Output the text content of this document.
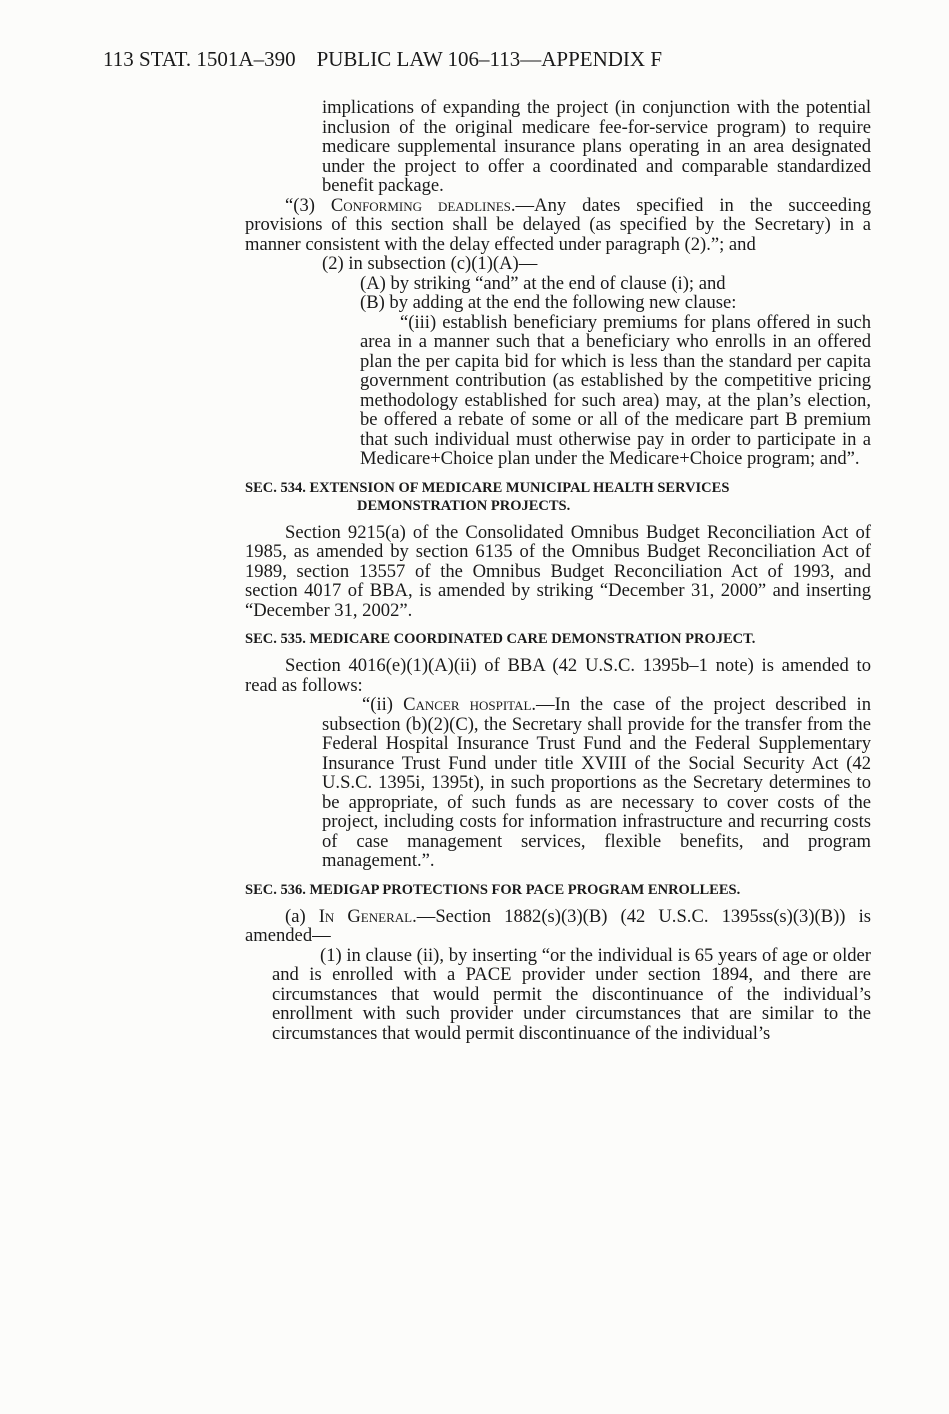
113 STAT. 1501A–390 PUBLIC LAW 106–113—APPENDIX F

implications of expanding the project (in conjunction with the potential inclusion of the original medicare fee-for-service program) to require medicare supplemental insurance plans operating in an area designated under the project to offer a coordinated and comparable standardized benefit package.

“(3) Conforming deadlines.—Any dates specified in the succeeding provisions of this section shall be delayed (as specified by the Secretary) in a manner consistent with the delay effected under paragraph (2).”; and

(2) in subsection (c)(1)(A)—

(A) by striking “and” at the end of clause (i); and

(B) by adding at the end the following new clause:

“(iii) establish beneficiary premiums for plans offered in such area in a manner such that a beneficiary who enrolls in an offered plan the per capita bid for which is less than the standard per capita government contribution (as established by the competitive pricing methodology established for such area) may, at the plan’s election, be offered a rebate of some or all of the medicare part B premium that such individual must otherwise pay in order to participate in a Medicare+Choice plan under the Medicare+Choice program; and”.

SEC. 534. EXTENSION OF MEDICARE MUNICIPAL HEALTH SERVICES
DEMONSTRATION PROJECTS.

Section 9215(a) of the Consolidated Omnibus Budget Reconciliation Act of 1985, as amended by section 6135 of the Omnibus Budget Reconciliation Act of 1989, section 13557 of the Omnibus Budget Reconciliation Act of 1993, and section 4017 of BBA, is amended by striking “December 31, 2000” and inserting “December 31, 2002”.

SEC. 535. MEDICARE COORDINATED CARE DEMONSTRATION PROJECT.

Section 4016(e)(1)(A)(ii) of BBA (42 U.S.C. 1395b–1 note) is amended to read as follows:

“(ii) Cancer hospital.—In the case of the project described in subsection (b)(2)(C), the Secretary shall provide for the transfer from the Federal Hospital Insurance Trust Fund and the Federal Supplementary Insurance Trust Fund under title XVIII of the Social Security Act (42 U.S.C. 1395i, 1395t), in such proportions as the Secretary determines to be appropriate, of such funds as are necessary to cover costs of the project, including costs for information infrastructure and recurring costs of case management services, flexible benefits, and program management.”.

SEC. 536. MEDIGAP PROTECTIONS FOR PACE PROGRAM ENROLLEES.

(a) In General.—Section 1882(s)(3)(B) (42 U.S.C. 1395ss(s)(3)(B)) is amended—

(1) in clause (ii), by inserting “or the individual is 65 years of age or older and is enrolled with a PACE provider under section 1894, and there are circumstances that would permit the discontinuance of the individual’s enrollment with such provider under circumstances that are similar to the circumstances that would permit discontinuance of the individual’s
